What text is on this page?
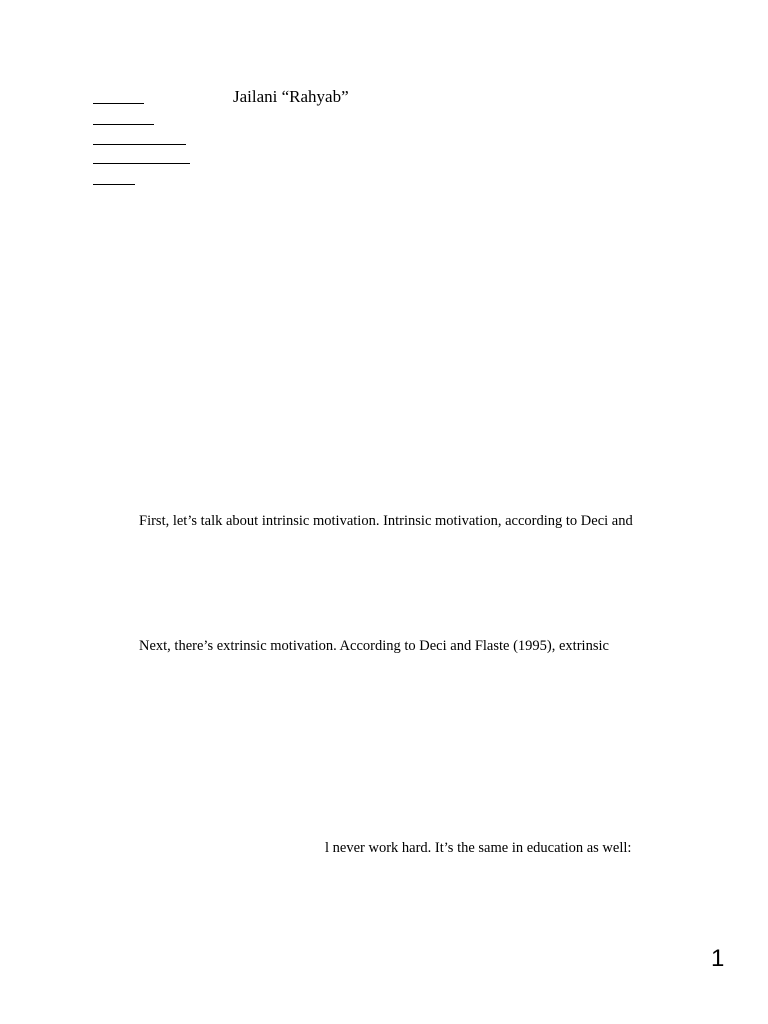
Jailani “Rahyab”
First, let’s talk about intrinsic motivation. Intrinsic motivation, according to Deci and
Next, there’s extrinsic motivation. According to Deci and Flaste (1995), extrinsic
l never work hard. It’s the same in education as well:
1
